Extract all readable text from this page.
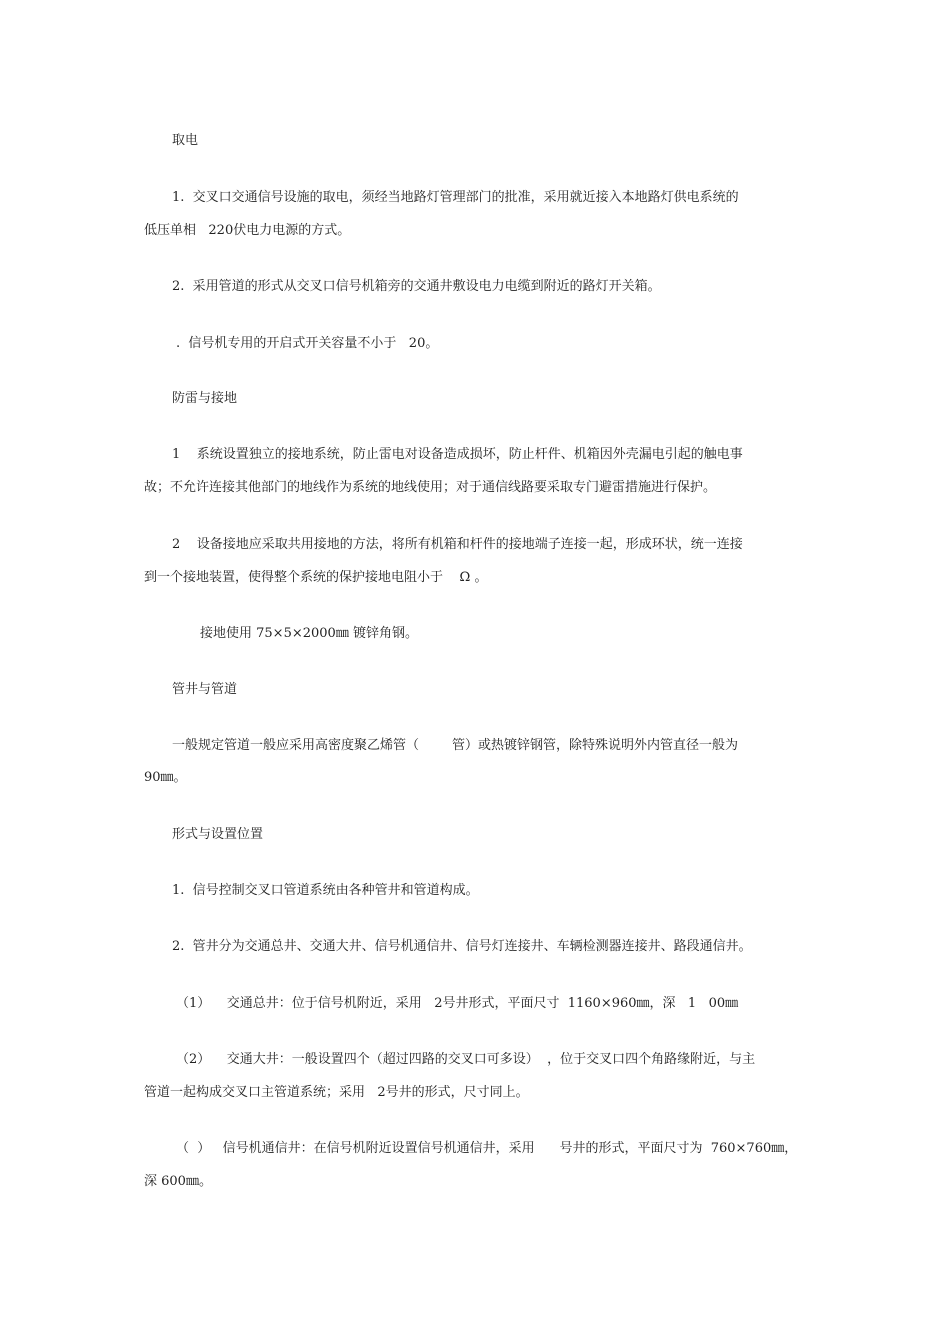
取电
1.  交叉口交通信号设施的取电，须经当地路灯管理部门的批准，采用就近接入本地路灯供电系统的
低压单相   220伏电力电源的方式。
2.  采用管道的形式从交叉口信号机箱旁的交通井敷设电力电缆到附近的路灯开关箱。
.  信号机专用的开启式开关容量不小于   20。
防雷与接地
1    系统设置独立的接地系统，防止雷电对设备造成损坏，防止杆件、机箱因外壳漏电引起的触电事
故；不允许连接其他部门的地线作为系统的地线使用；对于通信线路要采取专门避雷措施进行保护。
2    设备接地应采取共用接地的方法，将所有机箱和杆件的接地端子连接一起，形成环状，统一连接
到一个接地装置，使得整个系统的保护接地电阻小于    Ω 。
接地使用 75×5×2000㎜ 镀锌角钢。
管井与管道
一般规定管道一般应采用高密度聚乙烯管（        管）或热镀锌钢管，除特殊说明外内管直径一般为
90㎜。
形式与设置位置
1.  信号控制交叉口管道系统由各种管井和管道构成。
2.  管井分为交通总井、交通大井、信号机通信井、信号灯连接井、车辆检测器连接井、路段通信井。
（1）    交通总井：位于信号机附近，采用   2号井形式，平面尺寸  1160×960㎜，深   1   00㎜
（2）    交通大井：一般设置四个（超过四路的交叉口可多设）  ，位于交叉口四个角路缘附近，与主
管道一起构成交叉口主管道系统；采用   2号井的形式，尺寸同上。
（  ）   信号机通信井：在信号机附近设置信号机通信井，采用      号井的形式，平面尺寸为  760×760㎜，
深 600㎜。
